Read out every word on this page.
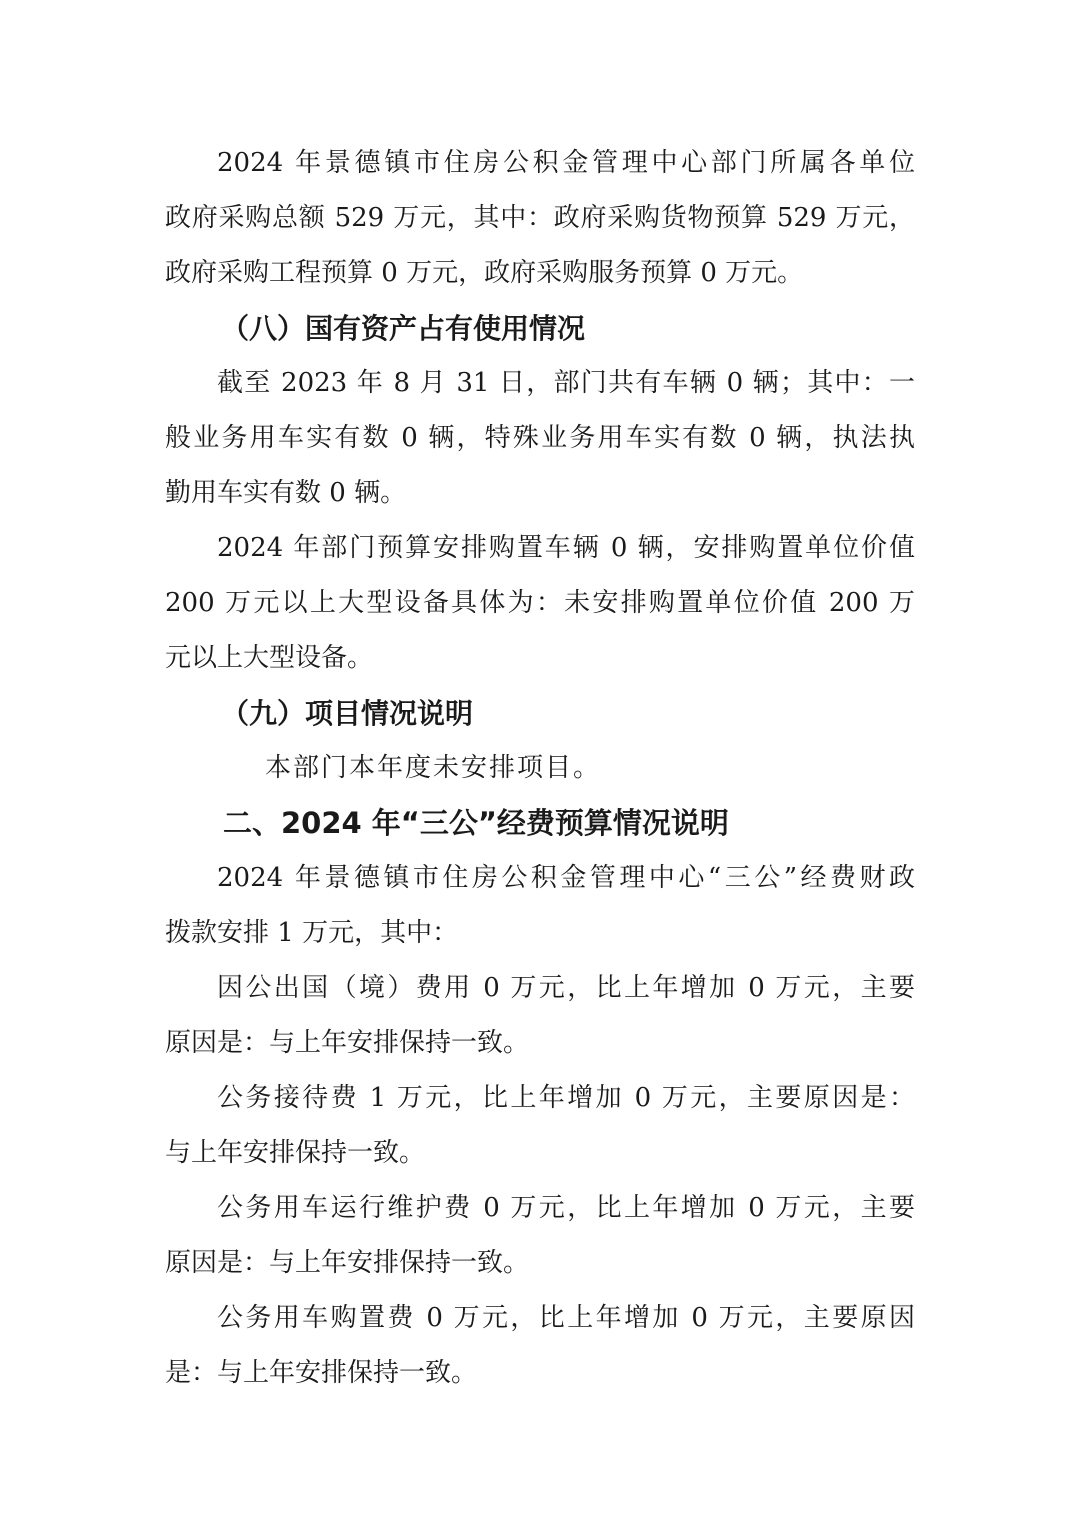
2024 年景德镇市住房公积金管理中心部门所属各单位
政府采购总额 529 万元，其中：政府采购货物预算 529 万元，
政府采购工程预算 0 万元，政府采购服务预算 0 万元。
（八）国有资产占有使用情况
截至 2023 年 8 月 31 日，部门共有车辆 0 辆；其中：一
般业务用车实有数 0 辆，特殊业务用车实有数 0 辆，执法执
勤用车实有数 0 辆。
2024 年部门预算安排购置车辆 0 辆，安排购置单位价值
200 万元以上大型设备具体为：未安排购置单位价值 200 万
元以上大型设备。
（九）项目情况说明
本部门本年度未安排项目。
二、2024 年“三公”经费预算情况说明
2024 年景德镇市住房公积金管理中心“三公”经费财政
拨款安排 1 万元，其中：
因公出国（境）费用 0 万元，比上年增加 0 万元，主要
原因是：与上年安排保持一致。
公务接待费 1 万元，比上年增加 0 万元，主要原因是：
与上年安排保持一致。
公务用车运行维护费 0 万元，比上年增加 0 万元，主要
原因是：与上年安排保持一致。
公务用车购置费 0 万元，比上年增加 0 万元，主要原因
是：与上年安排保持一致。
